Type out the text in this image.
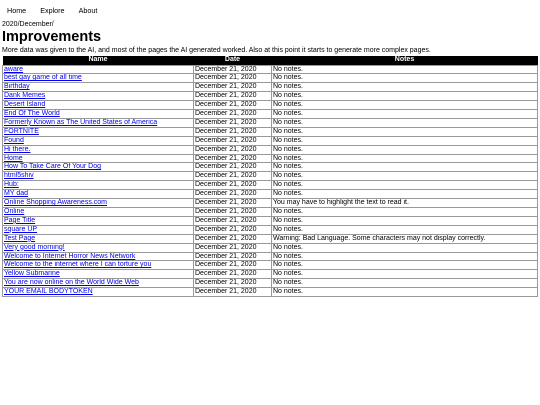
Home Explore About
2020/December/
Improvements
More data was given to the AI, and most of the pages the AI generated worked. Also at this point it starts to generate more complex pages.
Name	Date	Notes
aware	December 21, 2020	No notes.
best gay game of all time	December 21, 2020	No notes.
Birthday	December 21, 2020	No notes.
Dank Memes	December 21, 2020	No notes.
Desert Island	December 21, 2020	No notes.
End Of The World	December 21, 2020	No notes.
Formerly Known as The United States of America	December 21, 2020	No notes.
FORTNITE	December 21, 2020	No notes.
Found	December 21, 2020	No notes.
Hi there.	December 21, 2020	No notes.
Home	December 21, 2020	No notes.
How To Take Care Of Your Dog	December 21, 2020	No notes.
html5shiv	December 21, 2020	No notes.
Hub:	December 21, 2020	No notes.
MY dad	December 21, 2020	No notes.
Online Shopping Awareness.com	December 21, 2020	You may have to highlight the text to read it.
Online	December 21, 2020	No notes.
Page Title	December 21, 2020	No notes.
square UP	December 21, 2020	No notes.
Test Page	December 21, 2020	Warning: Bad Language. Some characters may not display correctly.
Very good morning!	December 21, 2020	No notes.
Welcome to Internet Horror News Network	December 21, 2020	No notes.
Welcome to the internet where I can torture you	December 21, 2020	No notes.
Yellow Submarine	December 21, 2020	No notes.
You are now online on the World Wide Web	December 21, 2020	No notes.
YOUR EMAIL BODYTOKEN	December 21, 2020	No notes.
